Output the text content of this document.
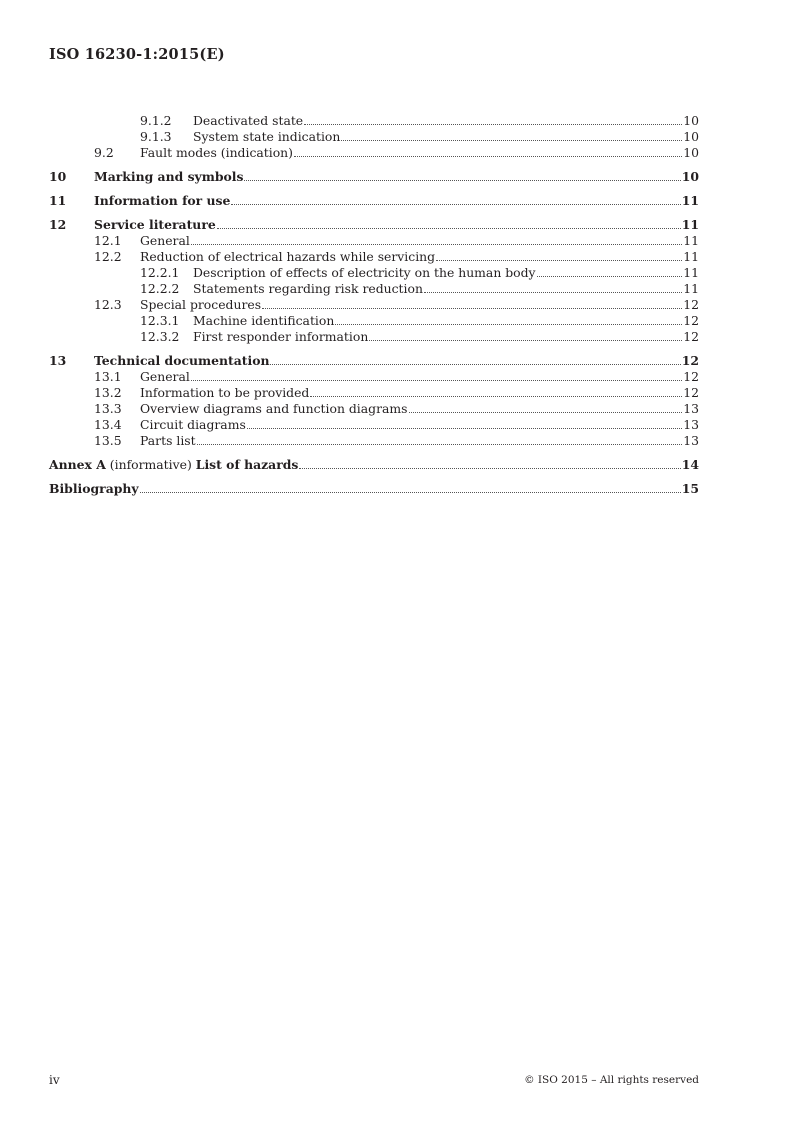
ISO 16230-1:2015(E)
9.1.2	Deactivated state	10
9.1.3	System state indication	10
9.2	Fault modes (indication)	10
10	Marking and symbols	10
11	Information for use	11
12	Service literature	11
12.1	General	11
12.2	Reduction of electrical hazards while servicing	11
12.2.1	Description of effects of electricity on the human body	11
12.2.2	Statements regarding risk reduction	11
12.3	Special procedures	12
12.3.1	Machine identification	12
12.3.2	First responder information	12
13	Technical documentation	12
13.1	General	12
13.2	Information to be provided	12
13.3	Overview diagrams and function diagrams	13
13.4	Circuit diagrams	13
13.5	Parts list	13
Annex A (informative) List of hazards	14
Bibliography	15
iv	© ISO 2015 – All rights reserved
